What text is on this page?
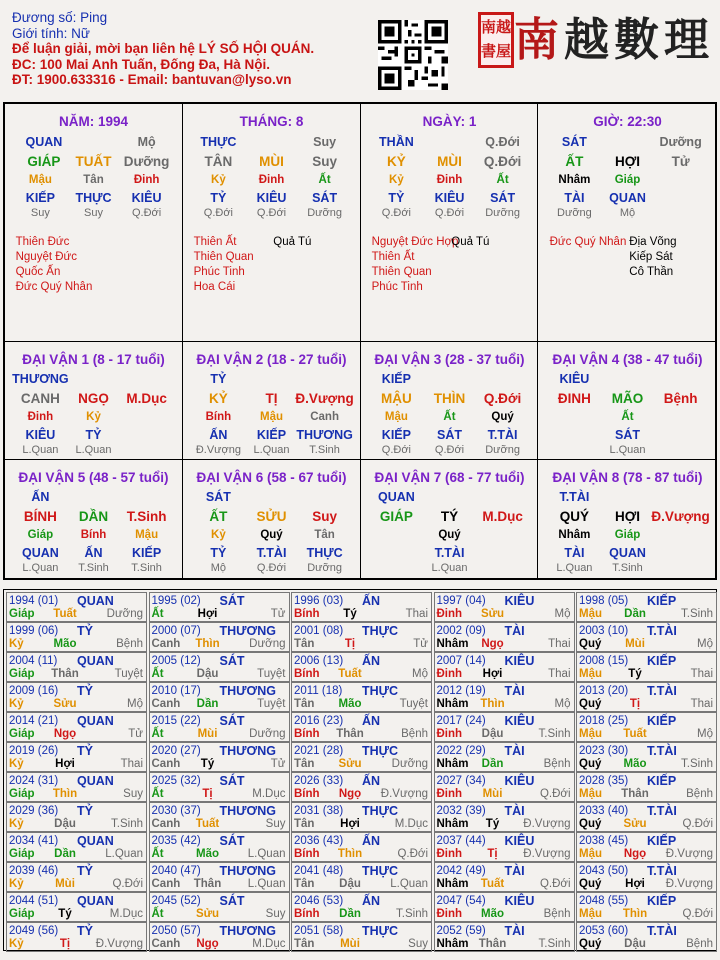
Đương số: Ping
Giới tính: Nữ
Để luận giải, mời bạn liên hệ LÝ SỐ HỘI QUÁN.
ĐC: 100 Mai Anh Tuấn, Đống Đa, Hà Nội.
ĐT: 1900.633316 - Email: bantuvan@lyso.vn
南越
書屋 南越數理
NĂM: 1994
QUAN	Mộ
GIÁP TUẤT Dưỡng
Mậu	Tân	Đinh
KIẾP THỰC KIÊU
Suy	Suy	Q.Đới
Thiên Đức
Nguyệt Đức
Quốc Ấn
Đức Quý Nhân
THÁNG: 8
THỰC	Suy
TÂN MÙI Suy
Kỷ	Đinh	Ất
TỶ KIÊU SÁT
Q.Đới Q.Đới Dưỡng
Thiên Ất	Quả Tú
Thiên Quan
Phúc Tinh
Hoa Cái
NGÀY: 1
THẦN	Q.Đới
KỶ MÙI Q.Đới
Kỷ	Đinh	Ất
TỶ KIÊU SÁT
Q.Đới Q.Đới Dưỡng
Nguyệt Đức Hợp
Quả Tú
Thiên Ất
Thiên Quan
Phúc Tinh
GIỜ: 22:30
SÁT	Dưỡng
ẤT HỢI Tử
Nhâm Giáp
TÀI QUAN
Dưỡng	Mộ
Đức Quý Nhân Địa Võng
Kiếp Sát
Cô Thần
ĐẠI VẬN 1 (8 - 17 tuổi)
THƯƠNG
CANH NGỌ M.Dục
Đinh	Kỷ
KIÊU TỶ
L.Quan L.Quan
ĐẠI VẬN 2 (18 - 27 tuổi)
TỶ
KỶ	TỊ Đ.Vượng
Bính	Mậu Canh
ẤN KIẾP THƯƠNG
Đ.Vượng L.Quan T.Sinh
ĐẠI VẬN 3 (28 - 37 tuổi)
KIẾP
MẬU THÌN Q.Đới
Mậu	Ất	Quý
KIẾP SÁT T.TÀI
Q.Đới Q.Đới Dưỡng
ĐẠI VẬN 4 (38 - 47 tuổi)
KIÊU
ĐINH MÃO Bệnh
Ất
SÁT
L.Quan
ĐẠI VẬN 5 (48 - 57 tuổi)
ẤN
BÍNH DẦN T.Sinh
Giáp Bính	Mậu
QUAN ẤN KIẾP
L.Quan T.Sinh T.Sinh
ĐẠI VẬN 6 (58 - 67 tuổi)
SÁT
ẤT SỬU Suy
Kỷ	Quý	Tân
TỶ T.TÀI THỰC
Mộ	Q.Đới Dưỡng
ĐẠI VẬN 7 (68 - 77 tuổi)
QUAN
GIÁP TÝ M.Dục
Quý
T.TÀI
L.Quan
ĐẠI VẬN 8 (78 - 87 tuổi)
T.TÀI
QUÝ HỢI Đ.Vượng
Nhâm Giáp
TÀI QUAN
L.Quan T.Sinh
1994 (01) QUAN
Giáp Tuất	Dưỡng
1995 (02) SÁT
Ất	Hợi	Tử
1996 (03) ẤN
Bính Tý	Thai
1997 (04) KIÊU
Đinh Sửu	Mộ
1998 (05) KIẾP
Mậu Dần	T.Sinh
1999 (06) TỶ
Kỷ	Mão	Bệnh
2000 (07) THƯƠNG
Canh Thìn	Dưỡng
2001 (08) THỰC
Tân	Tị	Tử
2002 (09) TÀI
Nhâm Ngọ	Thai
2003 (10) T.TÀI
Quý Mùi	Mộ
2004 (11) QUAN
Giáp Thân	Tuyệt
2005 (12) SÁT
Ất	Dậu	Tuyệt
2006 (13) ẤN
Bính Tuất	Mộ
2007 (14) KIÊU
Đinh Hợi	Thai
2008 (15) KIẾP
Mậu Tý	Thai
2009 (16) TỶ
Kỷ	Sửu	Mộ
2010 (17) THƯƠNG
Canh Dần	Tuyệt
2011 (18) THỰC
Tân Mão	Tuyệt
2012 (19) TÀI
Nhâm Thìn	Mộ
2013 (20) T.TÀI
Quý Tị	Thai
2014 (21) QUAN
Giáp Ngọ	Tử
2015 (22) SÁT
Ất	Mùi	Dưỡng
2016 (23) ẤN
Bính Thân	Bệnh
2017 (24) KIÊU
Đinh Dậu	T.Sinh
2018 (25) KIẾP
Mậu Tuất	Mộ
2019 (26) TỶ
Kỷ	Hợi	Thai
2020 (27) THƯƠNG
Canh Tý	Tử
2021 (28) THỰC
Tân Sửu	Dưỡng
2022 (29) TÀI
Nhâm Dần	Bệnh
2023 (30) T.TÀI
Quý Mão	T.Sinh
2024 (31) QUAN
Giáp Thìn	Suy
2025 (32) SÁT
Ất	Tị	M.Dục
2026 (33) ẤN
Bính Ngọ Đ.Vượng
2027 (34) KIÊU
Đinh Mùi	Q.Đới
2028 (35) KIẾP
Mậu Thân	Bệnh
2029 (36) TỶ
Kỷ	Dậu	T.Sinh
2030 (37) THƯƠNG
Canh Tuất	Suy
2031 (38) THỰC
Tân Hợi	M.Dục
2032 (39) TÀI
Nhâm Tý Đ.Vượng
2033 (40) T.TÀI
Quý Sửu	Q.Đới
2034 (41) QUAN
Giáp Dần	L.Quan
2035 (42) SÁT
Ất	Mão	L.Quan
2036 (43) ẤN
Bính Thìn	Q.Đới
2037 (44) KIÊU
Đinh Tị Đ.Vượng
2038 (45) KIẾP
Mậu Ngọ Đ.Vượng
2039 (46) TỶ
Kỷ	Mùi	Q.Đới
2040 (47) THƯƠNG
Canh Thân L.Quan
2041 (48) THỰC
Tân Dậu	L.Quan
2042 (49) TÀI
Nhâm Tuất	Q.Đới
2043 (50) T.TÀI
Quý Hợi Đ.Vượng
2044 (51) QUAN
Giáp Tý	M.Dục
2045 (52) SÁT
Ất	Sửu	Suy
2046 (53) ẤN
Bính Dần	T.Sinh
2047 (54) KIÊU
Đinh Mão	Bệnh
2048 (55) KIẾP
Mậu Thìn	Q.Đới
2049 (56) TỶ
Kỷ	Tị Đ.Vượng
2050 (57) THƯƠNG
Canh Ngọ	M.Dục
2051 (58) THỰC
Tân Mùi	Suy
2052 (59) TÀI
Nhâm Thân	T.Sinh
2053 (60) T.TÀI
Quý Dậu	Bệnh
